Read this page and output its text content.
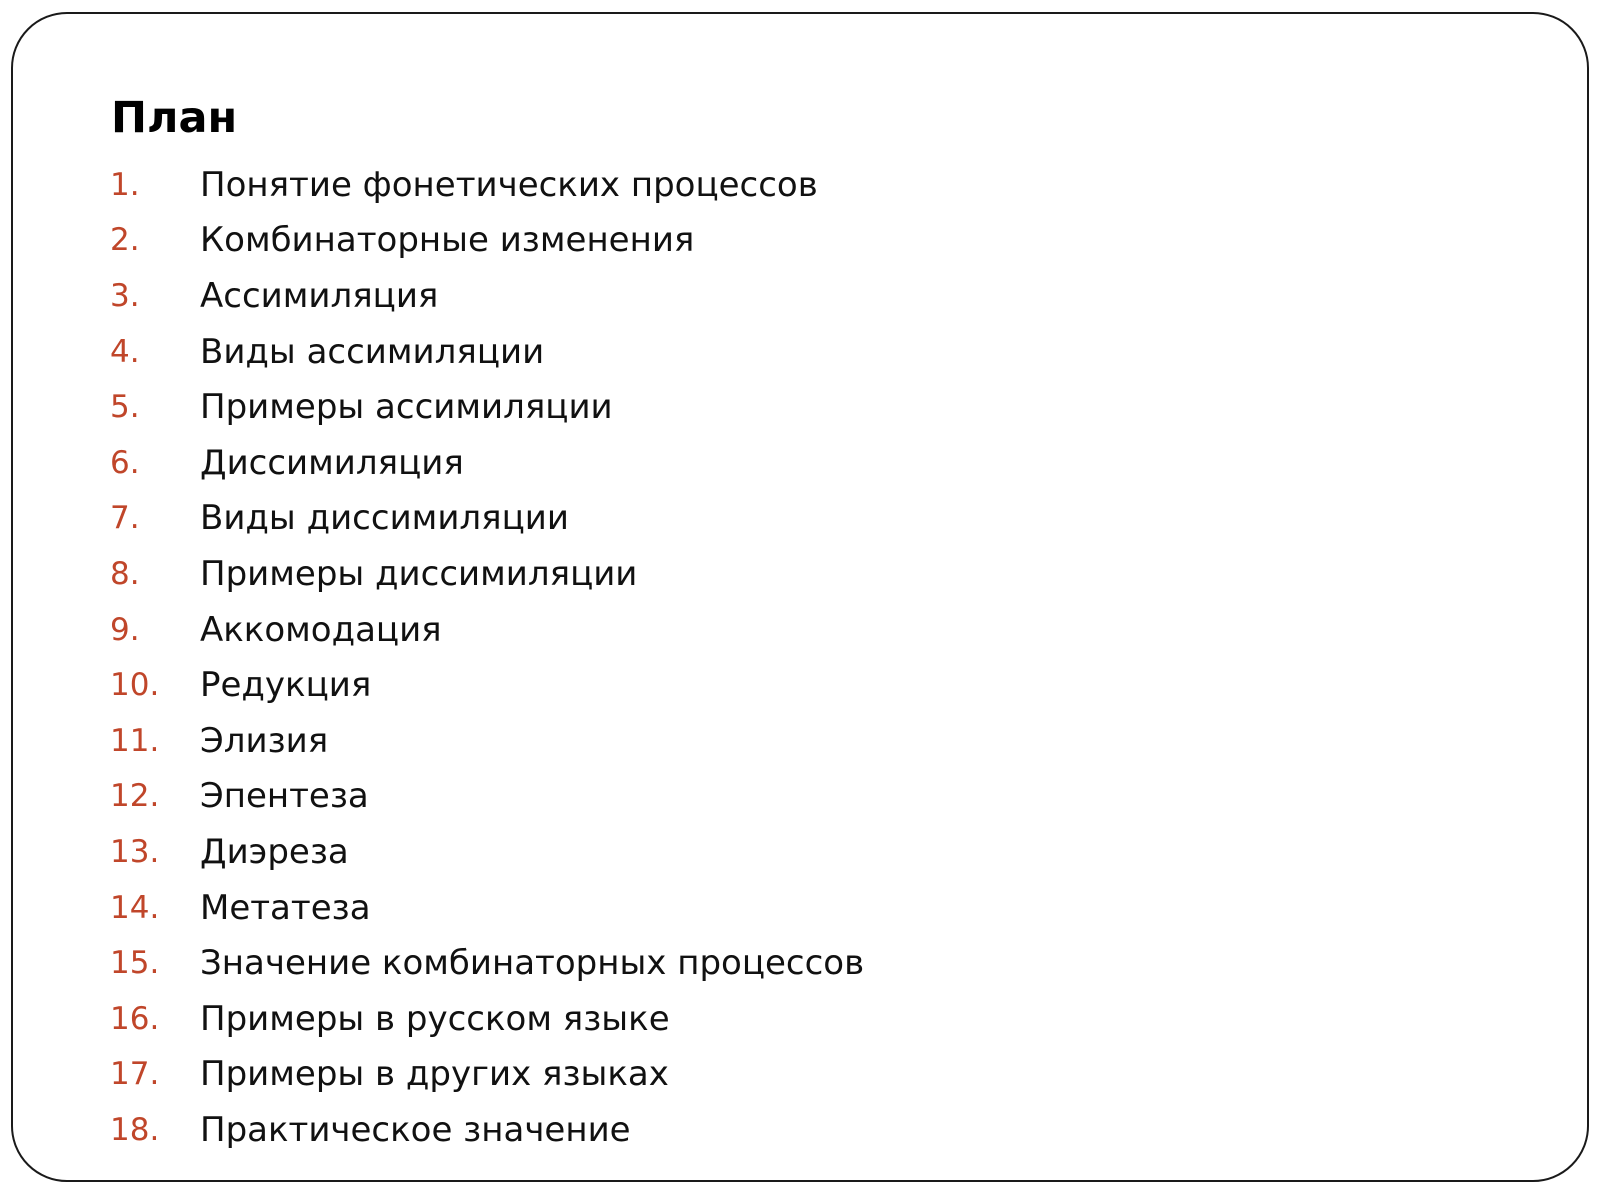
План
1.	Понятие фонетических процессов
2.	Комбинаторные изменения
3.	Ассимиляция
4.	Виды ассимиляции
5.	Примеры ассимиляции
6.	Диссимиляция
7.	Виды диссимиляции
8.	Примеры диссимиляции
9.	Аккомодация
10.	Редукция
11.	Элизия
12.	Эпентеза
13.	Диэреза
14.	Метатеза
15.	Значение комбинаторных процессов
16.	Примеры в русском языке
17.	Примеры в других языках
18.	Практическое значение
